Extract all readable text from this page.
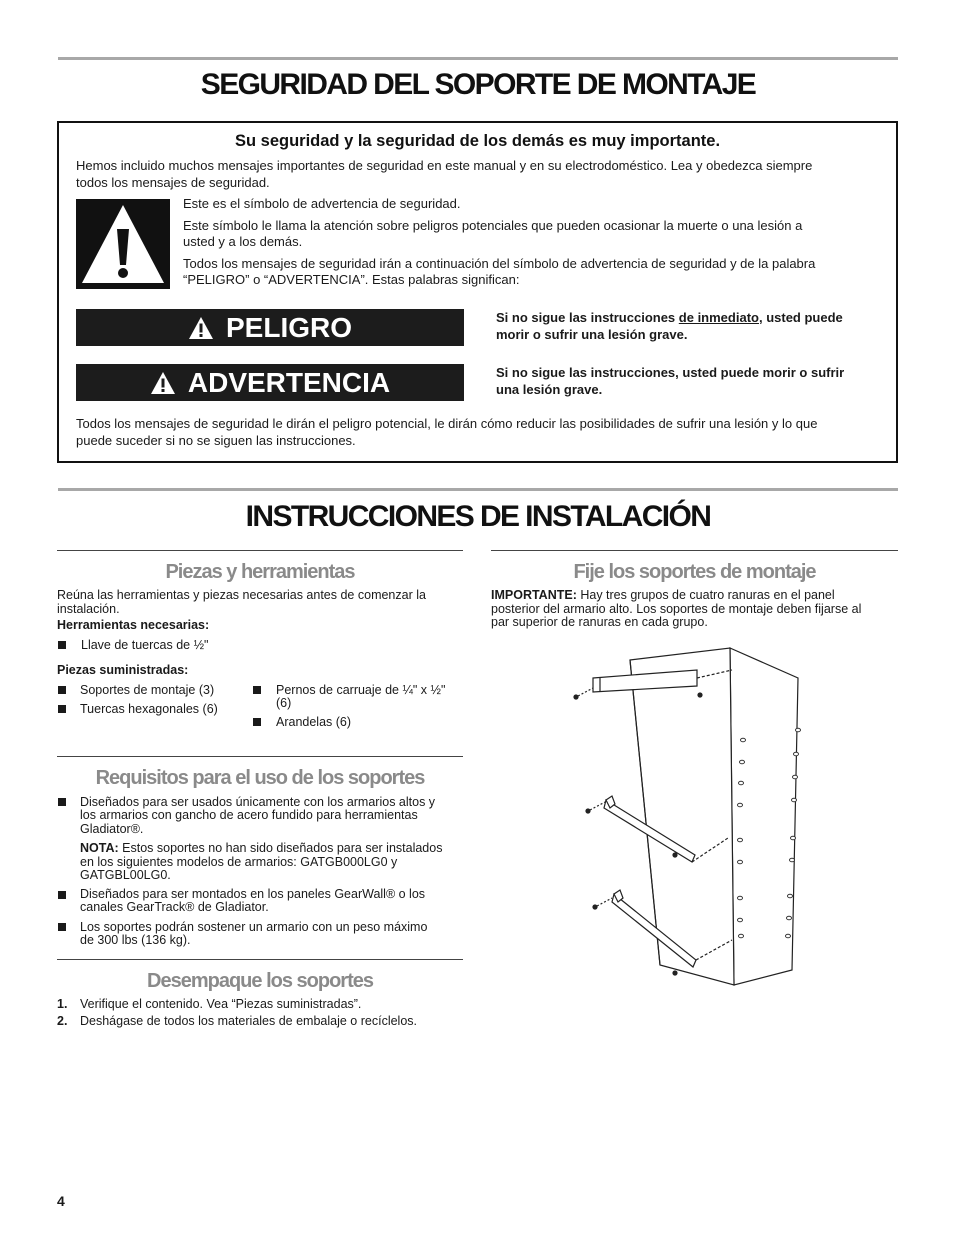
SEGURIDAD DEL SOPORTE DE MONTAJE
Su seguridad y la seguridad de los demás es muy importante.

Hemos incluido muchos mensajes importantes de seguridad en este manual y en su electrodoméstico. Lea y obedezca siempre

todos los mensajes de seguridad.

Este es el símbolo de advertencia de seguridad.

Este símbolo le llama la atención sobre peligros potenciales que pueden ocasionar la muerte o una lesión a

usted y a los demás.

Todos los mensajes de seguridad irán a continuación del símbolo de advertencia de seguridad y de la palabra

“PELIGRO” o “ADVERTENCIA”. Estas palabras significan:

PELIGRO	Si no sigue las instrucciones de inmediato, usted puede
morir o sufrir una lesión grave.
ADVERTENCIA	Si no sigue las instrucciones, usted puede morir o sufrir
una lesión grave.

Todos los mensajes de seguridad le dirán el peligro potencial, le dirán cómo reducir las posibilidades de sufrir una lesión y lo que

puede suceder si no se siguen las instrucciones.

INSTRUCCIONES DE INSTALACIÓN
Piezas y herramientas

Reúna las herramientas y piezas necesarias antes de comenzar la

instalación.

Herramientas necesarias:

Llave de tuercas de ½"

Piezas suministradas:

Soportes de montaje (3)

Tuercas hexagonales (6)

Pernos de carruaje de ¼" x ½"

(6)

Arandelas (6)

Requisitos para el uso de los soportes

Diseñados para ser usados únicamente con los armarios altos y

los armarios con gancho de acero fundido para herramientas

Gladiator®.

NOTA: Estos soportes no han sido diseñados para ser instalados

en los siguientes modelos de armarios: GATGB000LG0 y

GATGBL00LG0.

Diseñados para ser montados en los paneles GearWall® o los

canales GearTrack® de Gladiator.

Los soportes podrán sostener un armario con un peso máximo

de 300 lbs (136 kg).

Desempaque los soportes
1. Verifique el contenido. Vea “Piezas suministradas”.

2. Deshágase de todos los materiales de embalaje o recíclelos.

Fije los soportes de montaje

IMPORTANTE: Hay tres grupos de cuatro ranuras en el panel

posterior del armario alto. Los soportes de montaje deben fijarse al

par superior de ranuras en cada grupo.

4
